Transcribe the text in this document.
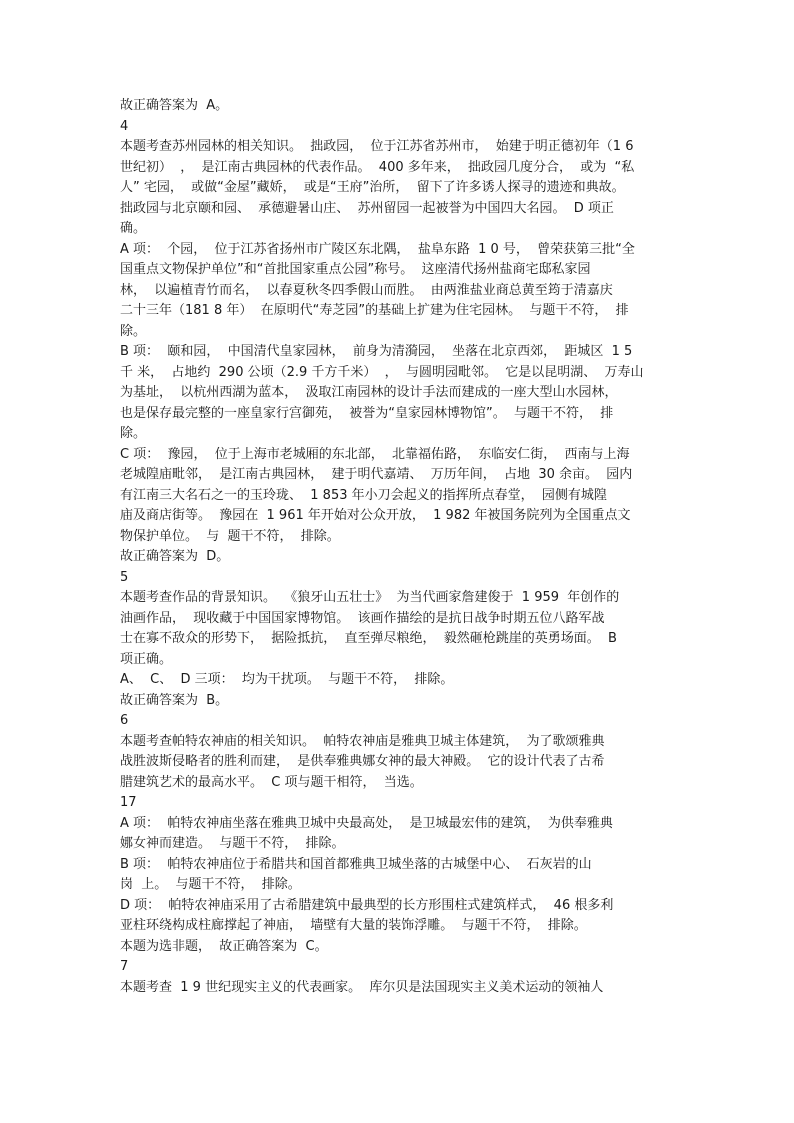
故正确答案为  A。
4
本题考查苏州园林的相关知识。  拙政园，  位于江苏省苏州市，  始建于明正德初年（1 6
世纪初）  ，  是江南古典园林的代表作品。  400 多年来，  拙政园几度分合，  或为  “私
人” 宅园，  或做“金屋”藏娇，  或是“王府”治所，  留下了许多诱人探寻的遗迹和典故。
拙政园与北京颐和园、  承德避暑山庄、  苏州留园一起被誉为中国四大名园。  D 项正
确。
A 项：  个园，  位于江苏省扬州市广陵区东北隅，  盐阜东路  1 0 号，  曾荣获第三批“全
国重点文物保护单位”和“首批国家重点公园”称号。  这座清代扬州盐商宅邸私家园
林，  以遍植青竹而名，  以春夏秋冬四季假山而胜。  由两淮盐业商总黄至筠于清嘉庆
二十三年（181 8 年）  在原明代“寿芝园”的基础上扩建为住宅园林。  与题干不符，  排
除。
B 项：  颐和园，  中国清代皇家园林，  前身为清漪园，  坐落在北京西郊，  距城区  1 5
千 米，  占地约  290 公顷（2.9 千方千米）  ，  与圆明园毗邻。  它是以昆明湖、  万寿山
为基址，  以杭州西湖为蓝本，  汲取江南园林的设计手法而建成的一座大型山水园林，
也是保存最完整的一座皇家行宫御苑，  被誉为“皇家园林博物馆”。  与题干不符，  排
除。
C 项：  豫园，  位于上海市老城厢的东北部，  北靠福佑路，  东临安仁街，  西南与上海
老城隍庙毗邻，  是江南古典园林，  建于明代嘉靖、  万历年间，  占地  30 余亩。  园内
有江南三大名石之一的玉玲珑、  1 853 年小刀会起义的指挥所点春堂，  园侧有城隍
庙及商店街等。  豫园在  1 961 年开始对公众开放，  1 982 年被国务院列为全国重点文
物保护单位。  与  题干不符，  排除。
故正确答案为  D。
5
本题考查作品的背景知识。  《狼牙山五壮士》  为当代画家詹建俊于  1 959  年创作的
油画作品，  现收藏于中国国家博物馆。  该画作描绘的是抗日战争时期五位八路军战
士在寡不敌众的形势下，  据险抵抗，  直至弹尽粮绝，  毅然砸枪跳崖的英勇场面。  B
项正确。
A、  C、  D 三项：  均为干扰项。  与题干不符，  排除。
故正确答案为  B。
6
本题考查帕特农神庙的相关知识。  帕特农神庙是雅典卫城主体建筑，  为了歌颂雅典
战胜波斯侵略者的胜利而建，  是供奉雅典娜女神的最大神殿。  它的设计代表了古希
腊建筑艺术的最高水平。  C 项与题干相符，  当选。
17
A 项：  帕特农神庙坐落在雅典卫城中央最高处，  是卫城最宏伟的建筑，  为供奉雅典
娜女神而建造。  与题干不符，  排除。
B 项：  帕特农神庙位于希腊共和国首都雅典卫城坐落的古城堡中心、  石灰岩的山
岗  上。  与题干不符，  排除。
D 项：  帕特农神庙采用了古希腊建筑中最典型的长方形围柱式建筑样式，  46 根多利
亚柱环绕构成柱廊撑起了神庙，  墙壁有大量的装饰浮雕。  与题干不符，  排除。
本题为选非题，  故正确答案为  C。
7
本题考查  1 9 世纪现实主义的代表画家。  库尔贝是法国现实主义美术运动的领袖人
